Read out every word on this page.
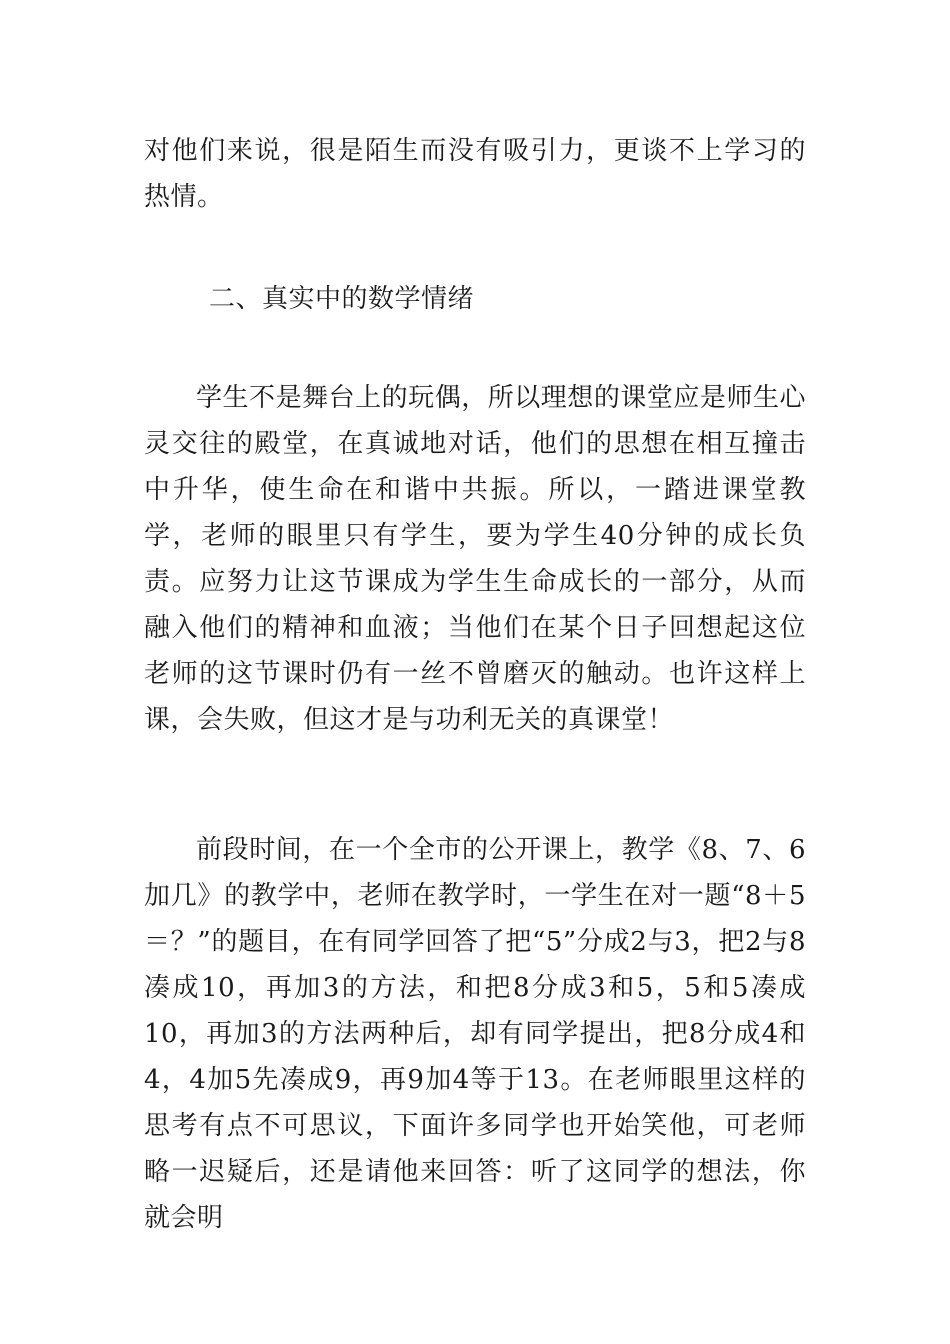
对他们来说，很是陌生而没有吸引力，更谈不上学习的热情。

二、真实中的数学情绪

学生不是舞台上的玩偶，所以理想的课堂应是师生心灵交往的殿堂，在真诚地对话，他们的思想在相互撞击中升华，使生命在和谐中共振。所以，一踏进课堂教学，老师的眼里只有学生，要为学生40分钟的成长负责。应努力让这节课成为学生生命成长的一部分，从而融入他们的精神和血液；当他们在某个日子回想起这位老师的这节课时仍有一丝不曾磨灭的触动。也许这样上课，会失败，但这才是与功利无关的真课堂！

前段时间，在一个全市的公开课上，教学《8、7、6加几》的教学中，老师在教学时，一学生在对一题“8＋5＝？”的题目，在有同学回答了把“5”分成2与3，把2与8凑成10，再加3的方法，和把8分成3和5，5和5凑成10，再加3的方法两种后，却有同学提出，把8分成4和4，4加5先凑成9，再9加4等于13。在老师眼里这样的思考有点不可思议，下面许多同学也开始笑他，可老师略一迟疑后，还是请他来回答：听了这同学的想法，你就会明
